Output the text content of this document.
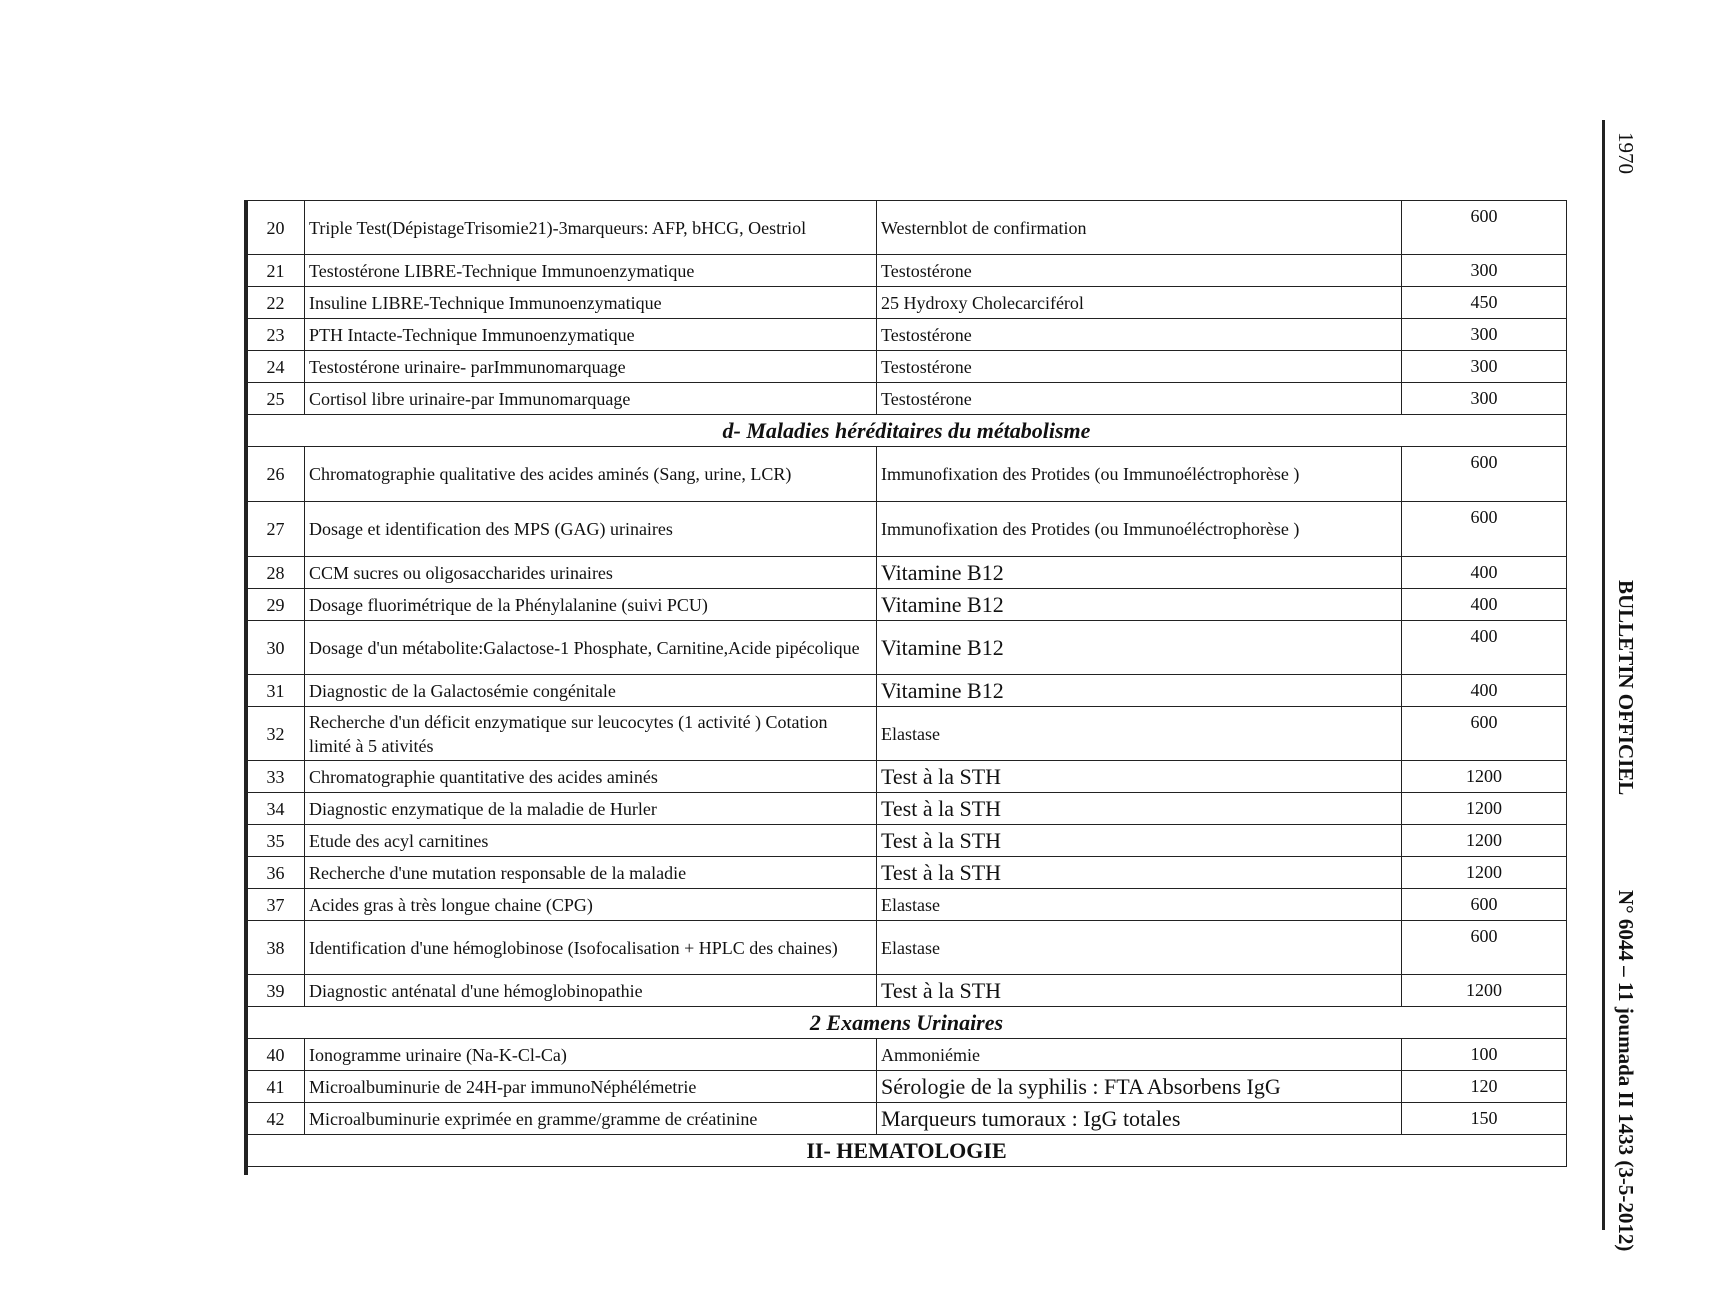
20	Triple Test(DépistageTrisomie21)-3marqueurs: AFP, bHCG, Oestriol	Westernblot de confirmation	600
21	Testostérone LIBRE-Technique Immunoenzymatique	Testostérone	300
22	Insuline LIBRE-Technique Immunoenzymatique	25 Hydroxy Cholecarciférol	450
23	PTH Intacte-Technique Immunoenzymatique	Testostérone	300
24	Testostérone urinaire- parImmunomarquage	Testostérone	300
25	Cortisol libre urinaire-par Immunomarquage	Testostérone	300
d- Maladies héréditaires du métabolisme			
26	Chromatographie qualitative des acides aminés (Sang, urine, LCR)	Immunofixation des Protides (ou Immunoéléctrophorèse )	600
27	Dosage et identification des MPS (GAG) urinaires	Immunofixation des Protides (ou Immunoéléctrophorèse )	600
28	CCM sucres ou oligosaccharides urinaires	Vitamine B12	400
29	Dosage fluorimétrique de la Phénylalanine (suivi PCU)	Vitamine B12	400
30	Dosage d'un métabolite:Galactose-1 Phosphate, Carnitine,Acide pipécolique	Vitamine B12	400
31	Diagnostic de la Galactosémie congénitale	Vitamine B12	400
32	Recherche d'un déficit enzymatique sur leucocytes (1 activité ) Cotation limité à 5 ativités	Elastase	600
33	Chromatographie quantitative des acides aminés	Test à la STH	1200
34	Diagnostic enzymatique de la maladie de Hurler	Test à la STH	1200
35	Etude des acyl carnitines	Test à la STH	1200
36	Recherche d'une mutation responsable de la maladie	Test à la STH	1200
37	Acides gras à très longue chaine (CPG)	Elastase	600
38	Identification d'une hémoglobinose (Isofocalisation + HPLC des chaines)	Elastase	600
39	Diagnostic anténatal d'une hémoglobinopathie	Test à la STH	1200
2 Examens Urinaires			
40	Ionogramme urinaire (Na-K-Cl-Ca)	Ammoniémie	100
41	Microalbuminurie de 24H-par immunoNéphélémetrie	Sérologie de la syphilis : FTA Absorbens IgG	120
42	Microalbuminurie exprimée en gramme/gramme de créatinine	Marqueurs tumoraux : IgG totales	150
II- HEMATOLOGIE			
1970
BULLETIN OFFICIEL
N° 6044 – 11 joumada II 1433 (3-5-2012)
